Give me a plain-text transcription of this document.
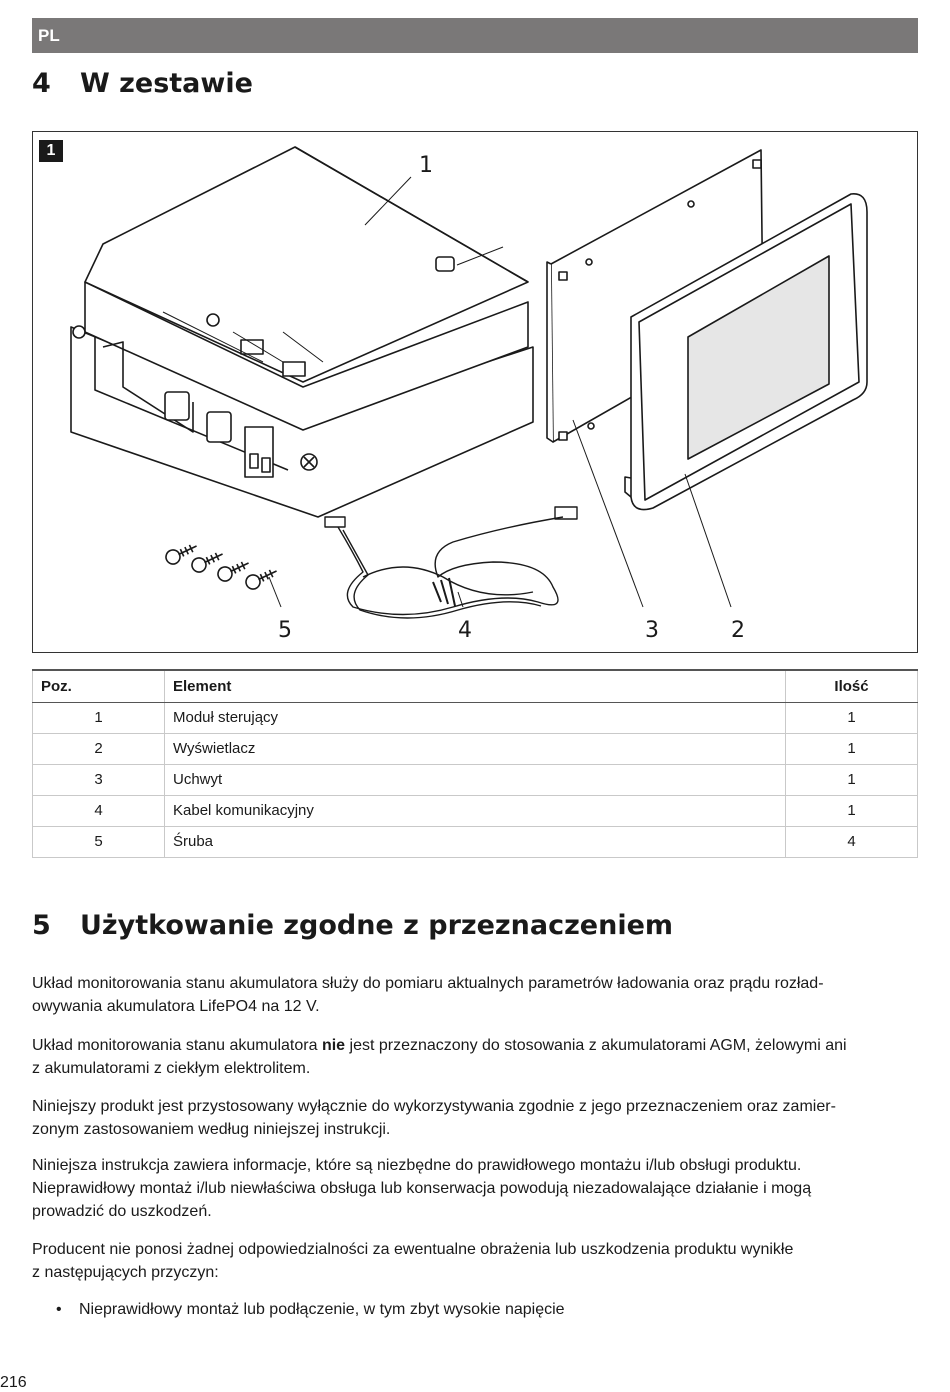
PL
4	W zestawie
1
1
2
3
4
5
Poz.	Element	Ilość
1	Moduł sterujący	1
2	Wyświetlacz	1
3	Uchwyt	1
4	Kabel komunikacyjny	1
5	Śruba	4
5	Użytkowanie zgodne z przeznaczeniem

Układ monitorowania stanu akumulatora służy do pomiaru aktualnych parametrów ładowania oraz prądu rozład-
owywania akumulatora LifePO4 na 12 V.

Układ monitorowania stanu akumulatora nie jest przeznaczony do stosowania z akumulatorami AGM, żelowymi ani
z akumulatorami z ciekłym elektrolitem.

Niniejszy produkt jest przystosowany wyłącznie do wykorzystywania zgodnie z jego przeznaczeniem oraz zamier-
zonym zastosowaniem według niniejszej instrukcji.

Niniejsza instrukcja zawiera informacje, które są niezbędne do prawidłowego montażu i/lub obsługi produktu.
Nieprawidłowy montaż i/lub niewłaściwa obsługa lub konserwacja powodują niezadowalające działanie i mogą
prowadzić do uszkodzeń.

Producent nie ponosi żadnej odpowiedzialności za ewentualne obrażenia lub uszkodzenia produktu wynikłe
z następujących przyczyn:

• Nieprawidłowy montaż lub podłączenie, w tym zbyt wysokie napięcie
216
